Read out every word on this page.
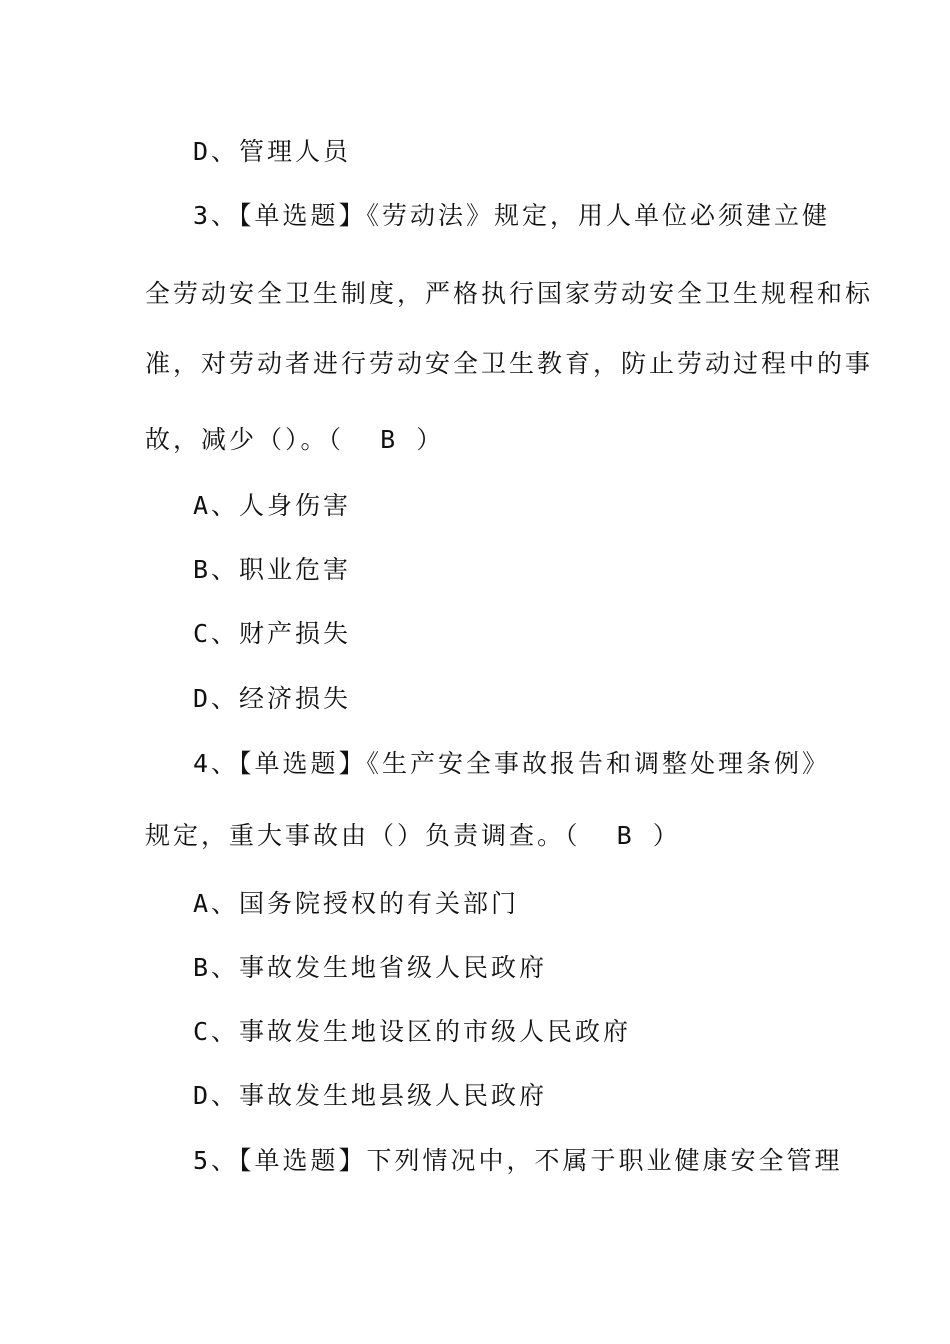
D、管理人员
3、【单选题】《劳动法》规定，用人单位必须建立健
全劳动安全卫生制度，严格执行国家劳动安全卫生规程和标
准，对劳动者进行劳动安全卫生教育，防止劳动过程中的事
故，减少（）。（  B ）
A、人身伤害
B、职业危害
C、财产损失
D、经济损失
4、【单选题】《生产安全事故报告和调整处理条例》
规定，重大事故由（）负责调查。（  B ）
A、国务院授权的有关部门
B、事故发生地省级人民政府
C、事故发生地设区的市级人民政府
D、事故发生地县级人民政府
5、【单选题】下列情况中，不属于职业健康安全管理
